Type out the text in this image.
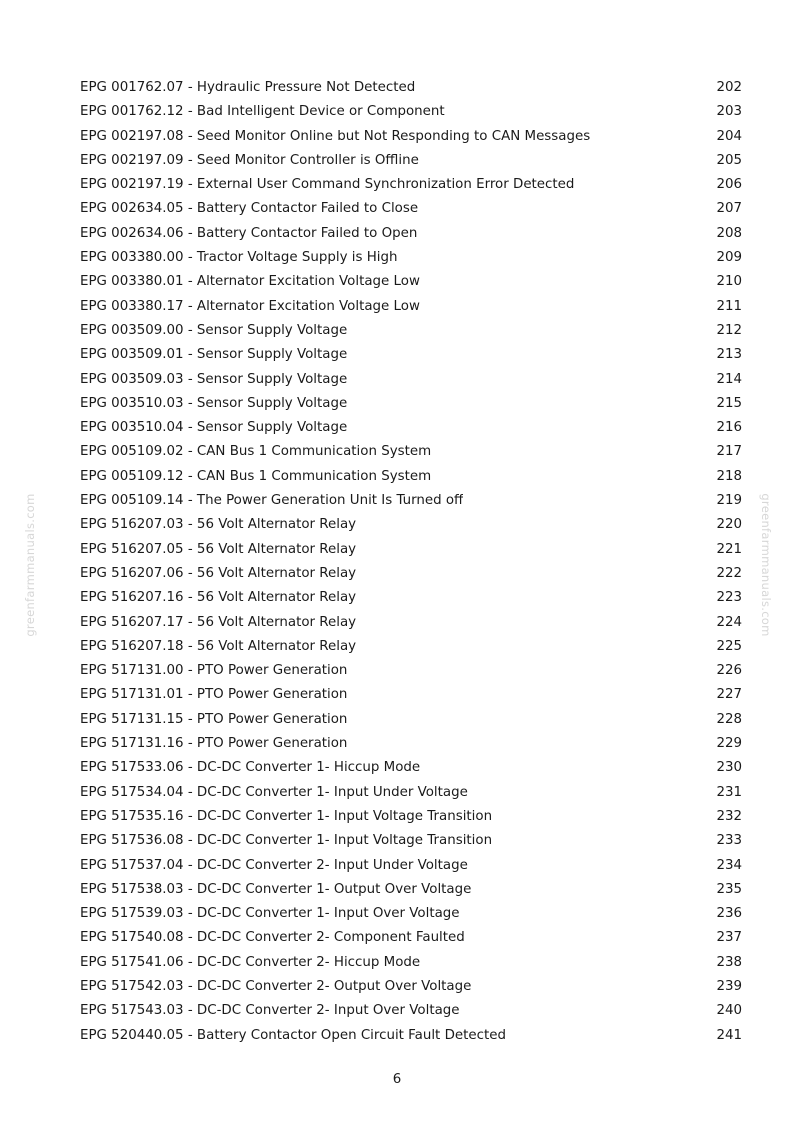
EPG 001762.07 - Hydraulic Pressure Not Detected	202
EPG 001762.12 - Bad Intelligent Device or Component	203
EPG 002197.08 - Seed Monitor Online but Not Responding to CAN Messages	204
EPG 002197.09 - Seed Monitor Controller is Offline	205
EPG 002197.19 - External User Command Synchronization Error Detected	206
EPG 002634.05 - Battery Contactor Failed to Close	207
EPG 002634.06 - Battery Contactor Failed to Open	208
EPG 003380.00 - Tractor Voltage Supply is High	209
EPG 003380.01 - Alternator Excitation Voltage Low	210
EPG 003380.17 - Alternator Excitation Voltage Low	211
EPG 003509.00 - Sensor Supply Voltage	212
EPG 003509.01 - Sensor Supply Voltage	213
EPG 003509.03 - Sensor Supply Voltage	214
EPG 003510.03 - Sensor Supply Voltage	215
EPG 003510.04 - Sensor Supply Voltage	216
EPG 005109.02 - CAN Bus 1 Communication System	217
EPG 005109.12 - CAN Bus 1 Communication System	218
EPG 005109.14 - The Power Generation Unit Is Turned off	219
EPG 516207.03 - 56 Volt Alternator Relay	220
EPG 516207.05 - 56 Volt Alternator Relay	221
EPG 516207.06 - 56 Volt Alternator Relay	222
EPG 516207.16 - 56 Volt Alternator Relay	223
EPG 516207.17 - 56 Volt Alternator Relay	224
EPG 516207.18 - 56 Volt Alternator Relay	225
EPG 517131.00 - PTO Power Generation	226
EPG 517131.01 - PTO Power Generation	227
EPG 517131.15 - PTO Power Generation	228
EPG 517131.16 - PTO Power Generation	229
EPG 517533.06 - DC-DC Converter 1- Hiccup Mode	230
EPG 517534.04 - DC-DC Converter 1- Input Under Voltage	231
EPG 517535.16 - DC-DC Converter 1- Input Voltage Transition	232
EPG 517536.08 - DC-DC Converter 1- Input Voltage Transition	233
EPG 517537.04 - DC-DC Converter 2- Input Under Voltage	234
EPG 517538.03 - DC-DC Converter 1- Output Over Voltage	235
EPG 517539.03 - DC-DC Converter 1- Input Over Voltage	236
EPG 517540.08 - DC-DC Converter 2- Component Faulted	237
EPG 517541.06 - DC-DC Converter 2- Hiccup Mode	238
EPG 517542.03 - DC-DC Converter 2- Output Over Voltage	239
EPG 517543.03 - DC-DC Converter 2- Input Over Voltage	240
EPG 520440.05 - Battery Contactor Open Circuit Fault Detected	241
6
greenfarmmanuals.com	greenfarmmanuals.com
